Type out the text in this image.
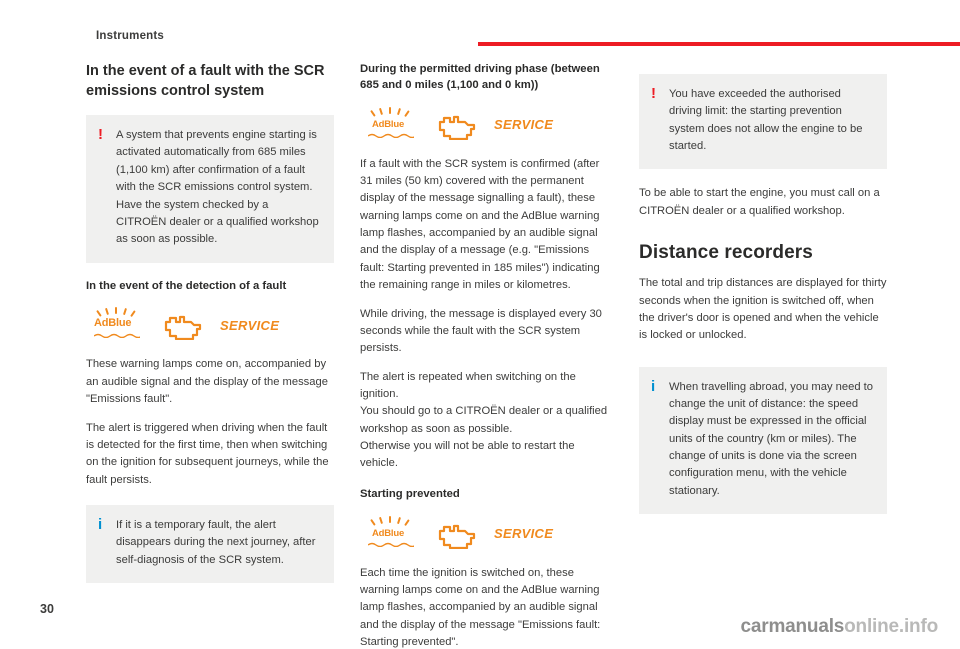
Instruments
In the event of a fault with the SCR emissions control system
! A system that prevents engine starting is activated automatically from 685 miles (1,100 km) after confirmation of a fault with the SCR emissions control system. Have the system checked by a CITROËN dealer or a qualified workshop as soon as possible.

In the event of the detection of a fault
AdBlue	SERVICE

These warning lamps come on, accompanied by an audible signal and the display of the message "Emissions fault".

The alert is triggered when driving when the fault is detected for the first time, then when switching on the ignition for subsequent journeys, while the fault persists.

i If it is a temporary fault, the alert disappears during the next journey, after self-diagnosis of the SCR system.

During the permitted driving phase (between 685 and 0 miles (1,100 and 0 km))
AdBlue	SERVICE

If a fault with the SCR system is confirmed (after 31 miles (50 km) covered with the permanent display of the message signalling a fault), these warning lamps come on and the AdBlue warning lamp flashes, accompanied by an audible signal and the display of a message (e.g. "Emissions fault: Starting prevented in 185 miles") indicating the remaining range in miles or kilometres.

While driving, the message is displayed every 30 seconds while the fault with the SCR system persists.

The alert is repeated when switching on the ignition.

You should go to a CITROËN dealer or a qualified workshop as soon as possible.

Otherwise you will not be able to restart the vehicle.

Starting prevented
AdBlue	SERVICE

Each time the ignition is switched on, these warning lamps come on and the AdBlue warning lamp flashes, accompanied by an audible signal and the display of the message "Emissions fault: Starting prevented".

! You have exceeded the authorised driving limit: the starting prevention system does not allow the engine to be started.

To be able to start the engine, you must call on a CITROËN dealer or a qualified workshop.

Distance recorders

The total and trip distances are displayed for thirty seconds when the ignition is switched off, when the driver's door is opened and when the vehicle is locked or unlocked.

i When travelling abroad, you may need to change the unit of distance: the speed display must be expressed in the official units of the country (km or miles). The change of units is done via the screen configuration menu, with the vehicle stationary.

30
carmanualsonline.info
